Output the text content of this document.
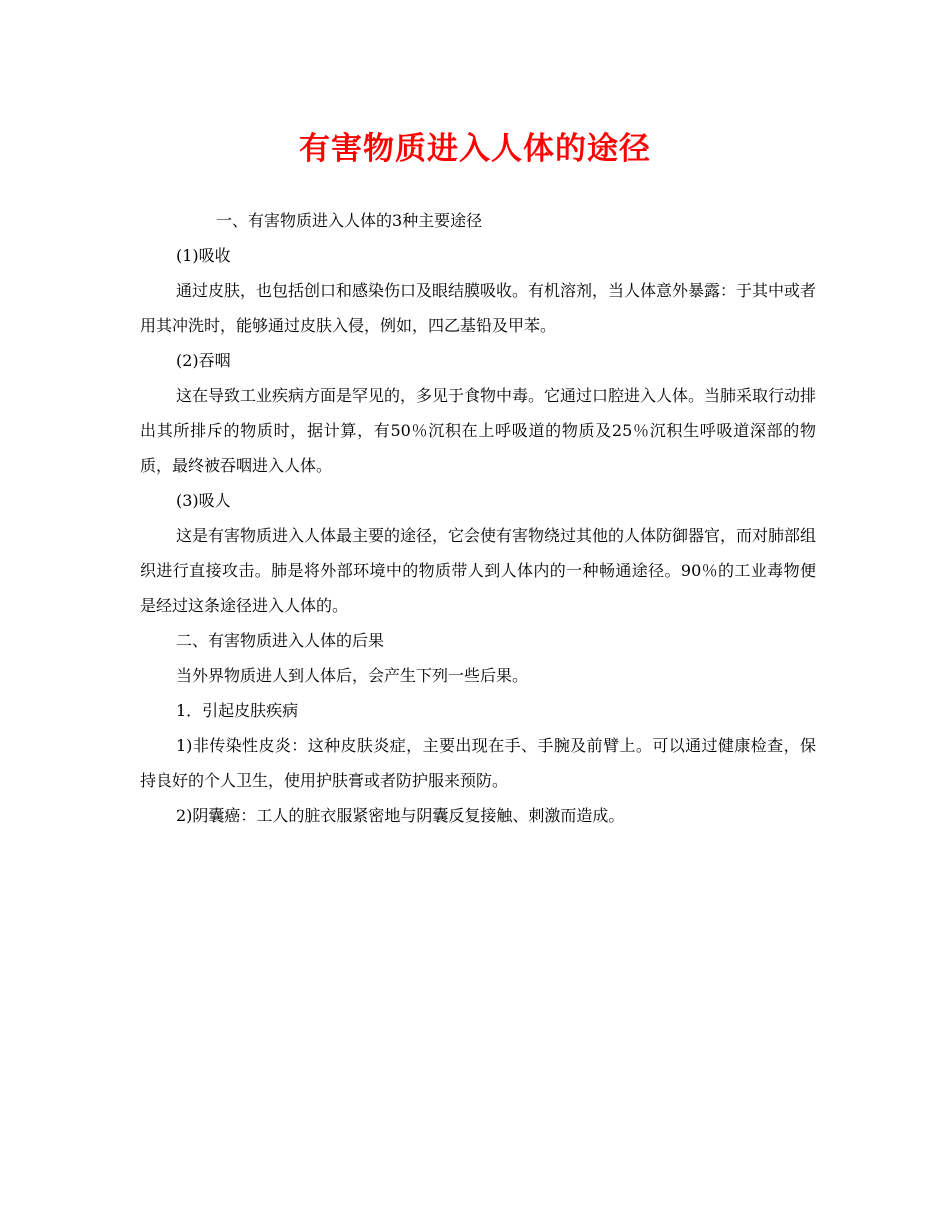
有害物质进入人体的途径

一、有害物质进入人体的3种主要途径

(1)吸收

通过皮肤，也包括创口和感染伤口及眼结膜吸收。有机溶剂，当人体意外暴露：于其中或者用其冲洗时，能够通过皮肤入侵，例如，四乙基铅及甲苯。

(2)吞咽

这在导致工业疾病方面是罕见的，多见于食物中毒。它通过口腔进入人体。当肺采取行动排出其所排斥的物质时，据计算，有50％沉积在上呼吸道的物质及25％沉积生呼吸道深部的物质，最终被吞咽进入人体。

(3)吸人

这是有害物质进入人体最主要的途径，它会使有害物绕过其他的人体防御器官，而对肺部组织进行直接攻击。肺是将外部环境中的物质带人到人体内的一种畅通途径。90％的工业毒物便是经过这条途径进入人体的。

二、有害物质进入人体的后果

当外界物质进人到人体后，会产生下列一些后果。

1．引起皮肤疾病

1)非传染性皮炎：这种皮肤炎症，主要出现在手、手腕及前臂上。可以通过健康检查，保持良好的个人卫生，使用护肤膏或者防护服来预防。

2)阴囊癌：工人的脏衣服紧密地与阴囊反复接触、刺激而造成。
